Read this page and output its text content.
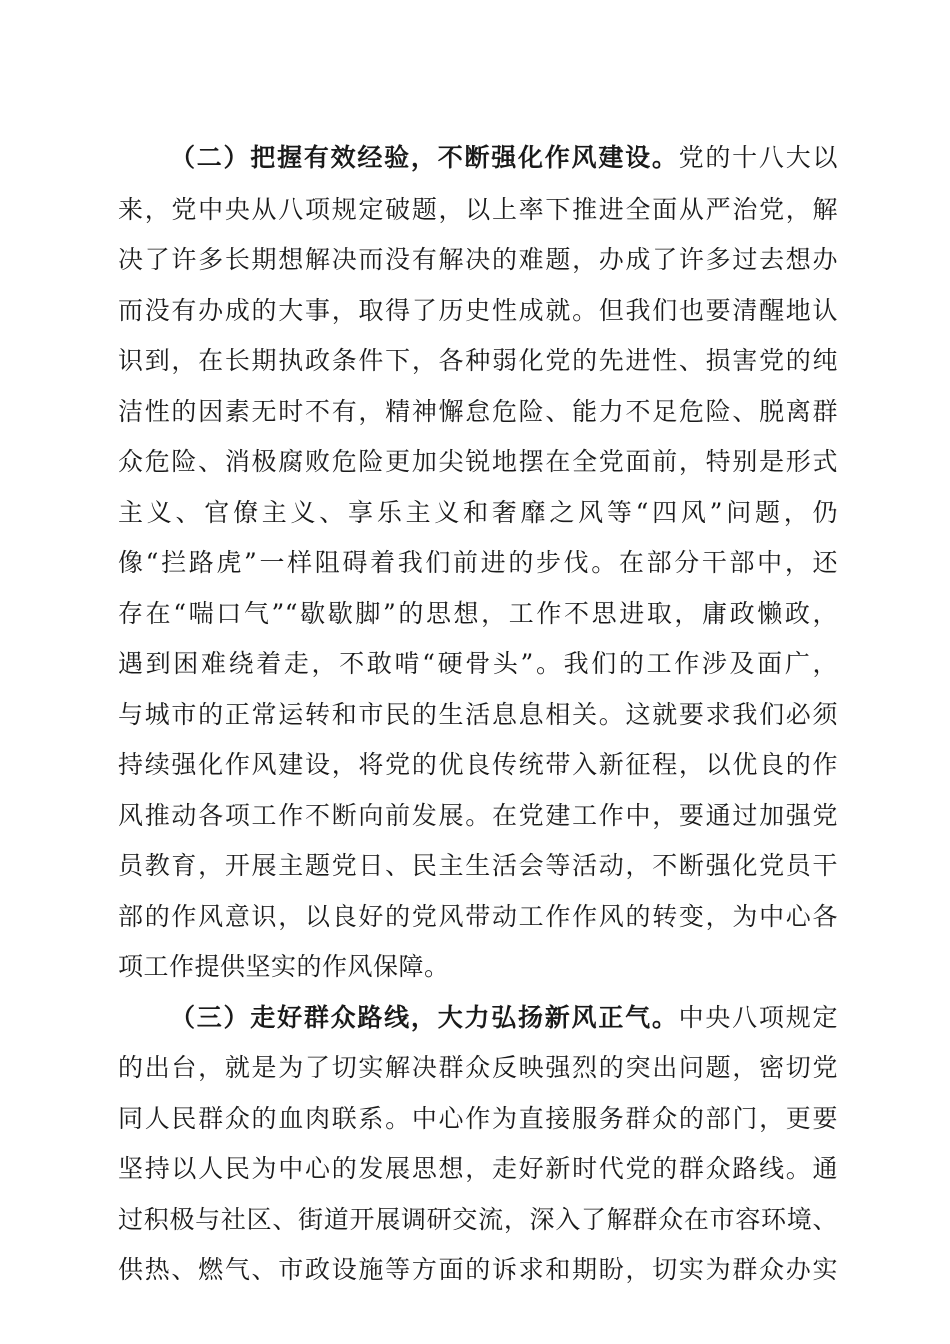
（二）把握有效经验，不断强化作风建设。党的十八大以
来，党中央从八项规定破题，以上率下推进全面从严治党，解
决了许多长期想解决而没有解决的难题，办成了许多过去想办
而没有办成的大事，取得了历史性成就。但我们也要清醒地认
识到，在长期执政条件下，各种弱化党的先进性、损害党的纯
洁性的因素无时不有，精神懈怠危险、能力不足危险、脱离群
众危险、消极腐败危险更加尖锐地摆在全党面前，特别是形式
主义、官僚主义、享乐主义和奢靡之风等“四风”问题，仍
像“拦路虎”一样阻碍着我们前进的步伐。在部分干部中，还
存在“喘口气”“歇歇脚”的思想，工作不思进取，庸政懒政，
遇到困难绕着走，不敢啃“硬骨头”。我们的工作涉及面广，
与城市的正常运转和市民的生活息息相关。这就要求我们必须
持续强化作风建设，将党的优良传统带入新征程，以优良的作
风推动各项工作不断向前发展。在党建工作中，要通过加强党
员教育，开展主题党日、民主生活会等活动，不断强化党员干
部的作风意识，以良好的党风带动工作作风的转变，为中心各
项工作提供坚实的作风保障。
（三）走好群众路线，大力弘扬新风正气。中央八项规定
的出台，就是为了切实解决群众反映强烈的突出问题，密切党
同人民群众的血肉联系。中心作为直接服务群众的部门，更要
坚持以人民为中心的发展思想，走好新时代党的群众路线。通
过积极与社区、街道开展调研交流，深入了解群众在市容环境、
供热、燃气、市政设施等方面的诉求和期盼，切实为群众办实
